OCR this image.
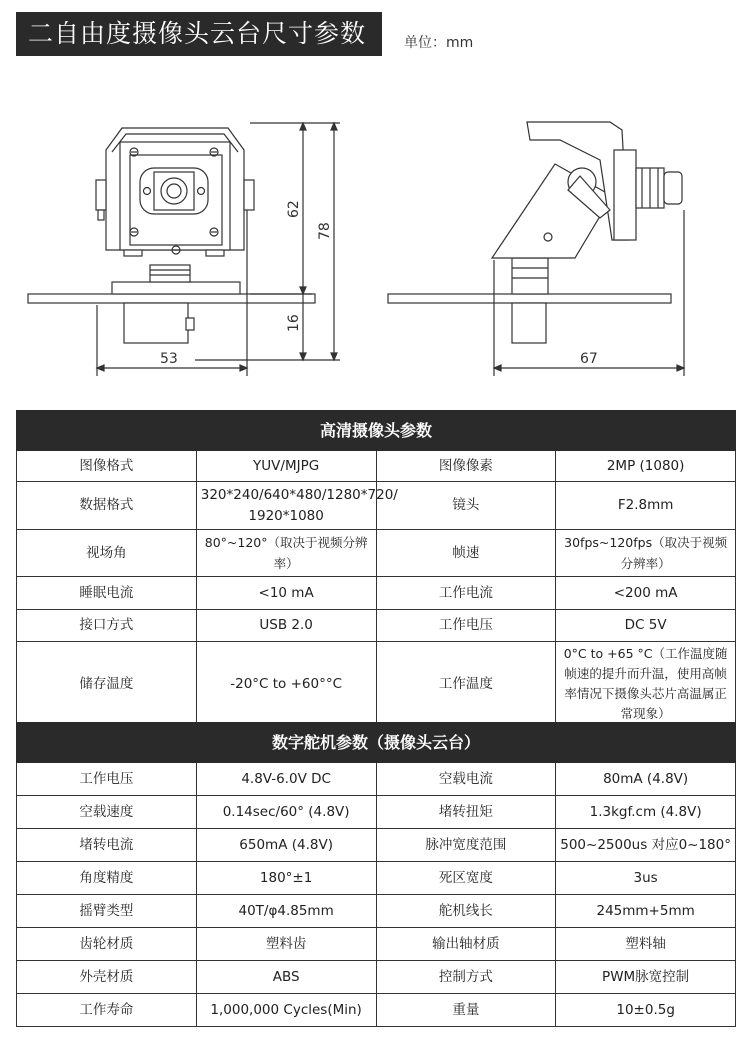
二自由度摄像头云台尺寸参数	单位：mm
53
62
78
16
67
高清摄像头参数			
图像格式	YUV/MJPG	图像像素	2MP (1080)
数据格式	320*240/640*480/1280*720/ 1920*1080	镜头	F2.8mm
视场角	80°~120°（取决于视频分辨率）	帧速	30fps~120fps（取决于视频分辨率）
睡眠电流	<10 mA	工作电流	<200 mA
接口方式	USB 2.0	工作电压	DC 5V
储存温度	-20°C to +60°°C	工作温度	0°C to +65 °C（工作温度随帧速的提升而升温，使用高帧率情况下摄像头芯片高温属正常现象）
数字舵机参数（摄像头云台）			
工作电压	4.8V-6.0V DC	空载电流	80mA (4.8V)
空载速度	0.14sec/60° (4.8V)	堵转扭矩	1.3kgf.cm (4.8V)
堵转电流	650mA (4.8V)	脉冲宽度范围	500~2500us 对应0~180°
角度精度	180°±1	死区宽度	3us
摇臂类型	40T/φ4.85mm	舵机线长	245mm+5mm
齿轮材质	塑料齿	输出轴材质	塑料轴
外壳材质	ABS	控制方式	PWM脉宽控制
工作寿命	1,000,000 Cycles(Min)	重量	10±0.5g
